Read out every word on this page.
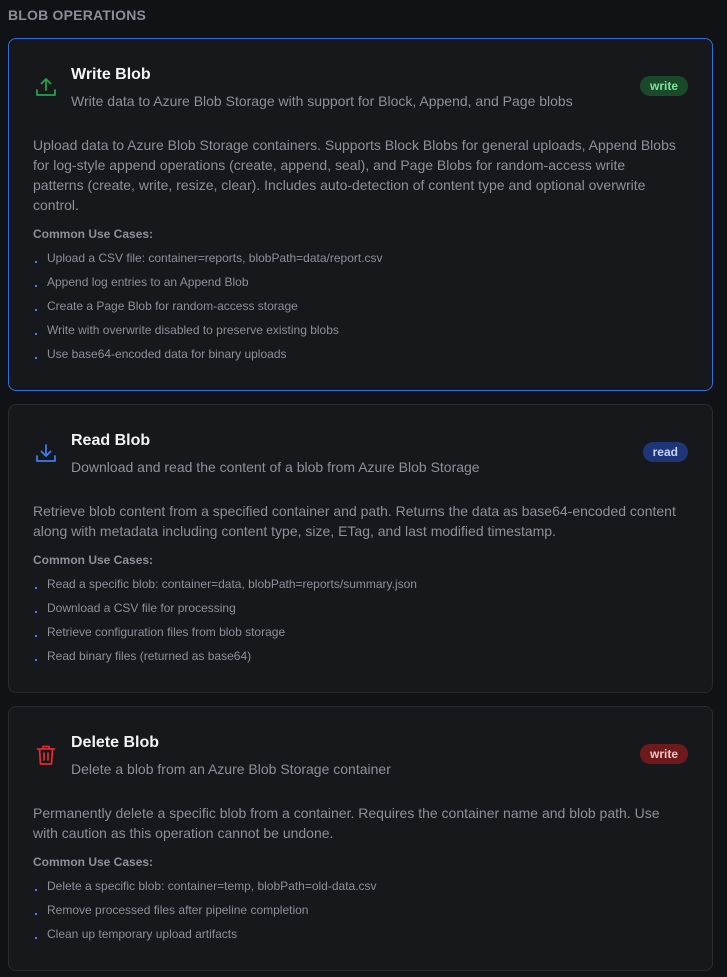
BLOB OPERATIONS
Write Blob
Write data to Azure Blob Storage with support for Block, Append, and Page blobs
write
Upload data to Azure Blob Storage containers. Supports Block Blobs for general uploads, Append Blobs for log-style append operations (create, append, seal), and Page Blobs for random-access write patterns (create, write, resize, clear). Includes auto-detection of content type and optional overwrite control.
Common Use Cases:
Upload a CSV file: container=reports, blobPath=data/report.csv
Append log entries to an Append Blob
Create a Page Blob for random-access storage
Write with overwrite disabled to preserve existing blobs
Use base64-encoded data for binary uploads
Read Blob
Download and read the content of a blob from Azure Blob Storage
read
Retrieve blob content from a specified container and path. Returns the data as base64-encoded content along with metadata including content type, size, ETag, and last modified timestamp.
Common Use Cases:
Read a specific blob: container=data, blobPath=reports/summary.json
Download a CSV file for processing
Retrieve configuration files from blob storage
Read binary files (returned as base64)
Delete Blob
Delete a blob from an Azure Blob Storage container
write
Permanently delete a specific blob from a container. Requires the container name and blob path. Use with caution as this operation cannot be undone.
Common Use Cases:
Delete a specific blob: container=temp, blobPath=old-data.csv
Remove processed files after pipeline completion
Clean up temporary upload artifacts
